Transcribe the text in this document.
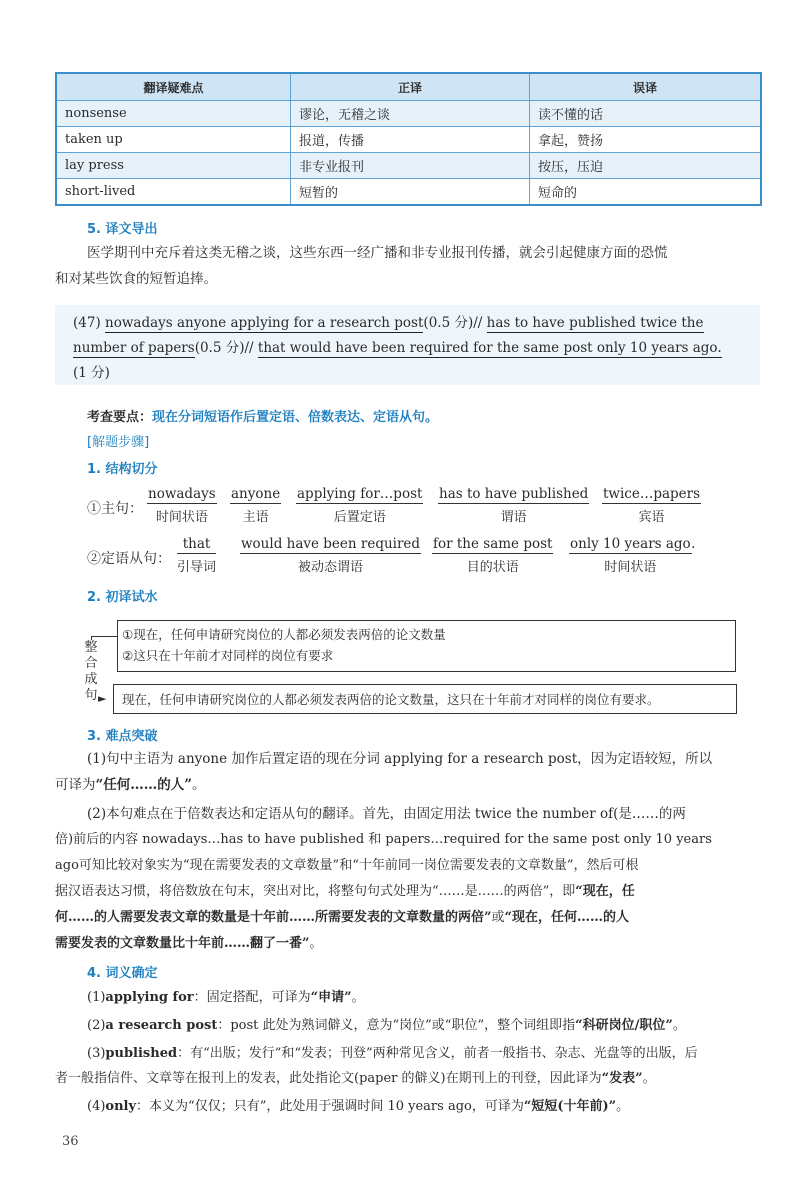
翻译疑难点	正译	误译
nonsense	谬论，无稽之谈	读不懂的话
taken up	报道，传播	拿起，赞扬
lay press	非专业报刊	按压，压迫
short-lived	短暂的	短命的
5. 译文导出
医学期刊中充斥着这类无稽之谈，这些东西一经广播和非专业报刊传播，就会引起健康方面的恐慌
和对某些饮食的短暂追捧。
(47) nowadays anyone applying for a research post(0.5 分)// has to have published twice the
number of papers(0.5 分)// that would have been required for the same post only 10 years ago.
(1 分)
考查要点：现在分词短语作后置定语、倍数表达、定语从句。
[解题步骤]
1. 结构切分
①主句：
nowadays
时间状语
anyone
主语
applying for…post
后置定语
has to have published
谓语
twice…papers
宾语
②定语从句：
that
引导词
would have been required
被动态谓语
for the same post
目的状语
only 10 years ago
时间状语
.
2. 初译试水
①现在，任何申请研究岗位的人都必须发表两倍的论文数量
②这只在十年前才对同样的岗位有要求
整
合
成
句 ► 现在，任何申请研究岗位的人都必须发表两倍的论文数量，这只在十年前才对同样的岗位有要求。
3. 难点突破
(1)句中主语为 anyone 加作后置定语的现在分词 applying for a research post，因为定语较短，所以
可译为“任何……的人”。
(2)本句难点在于倍数表达和定语从句的翻译。首先，由固定用法 twice the number of(是……的两
倍)前后的内容 nowadays…has to have published 和 papers…required for the same post only 10 years
ago可知比较对象实为“现在需要发表的文章数量”和“十年前同一岗位需要发表的文章数量”，然后可根
据汉语表达习惯，将倍数放在句末，突出对比，将整句句式处理为“……是……的两倍”，即“现在，任
何……的人需要发表文章的数量是十年前……所需要发表的文章数量的两倍”或“现在，任何……的人
需要发表的文章数量比十年前……翻了一番”。
4. 词义确定
(1)applying for：固定搭配，可译为“申请”。
(2)a research post：post 此处为熟词僻义，意为“岗位”或“职位”，整个词组即指“科研岗位/职位”。
(3)published：有“出版；发行”和“发表；刊登”两种常见含义，前者一般指书、杂志、光盘等的出版，后
者一般指信件、文章等在报刊上的发表，此处指论文(paper 的僻义)在期刊上的刊登，因此译为“发表”。
(4)only：本义为“仅仅；只有”，此处用于强调时间 10 years ago，可译为“短短(十年前)”。
36
